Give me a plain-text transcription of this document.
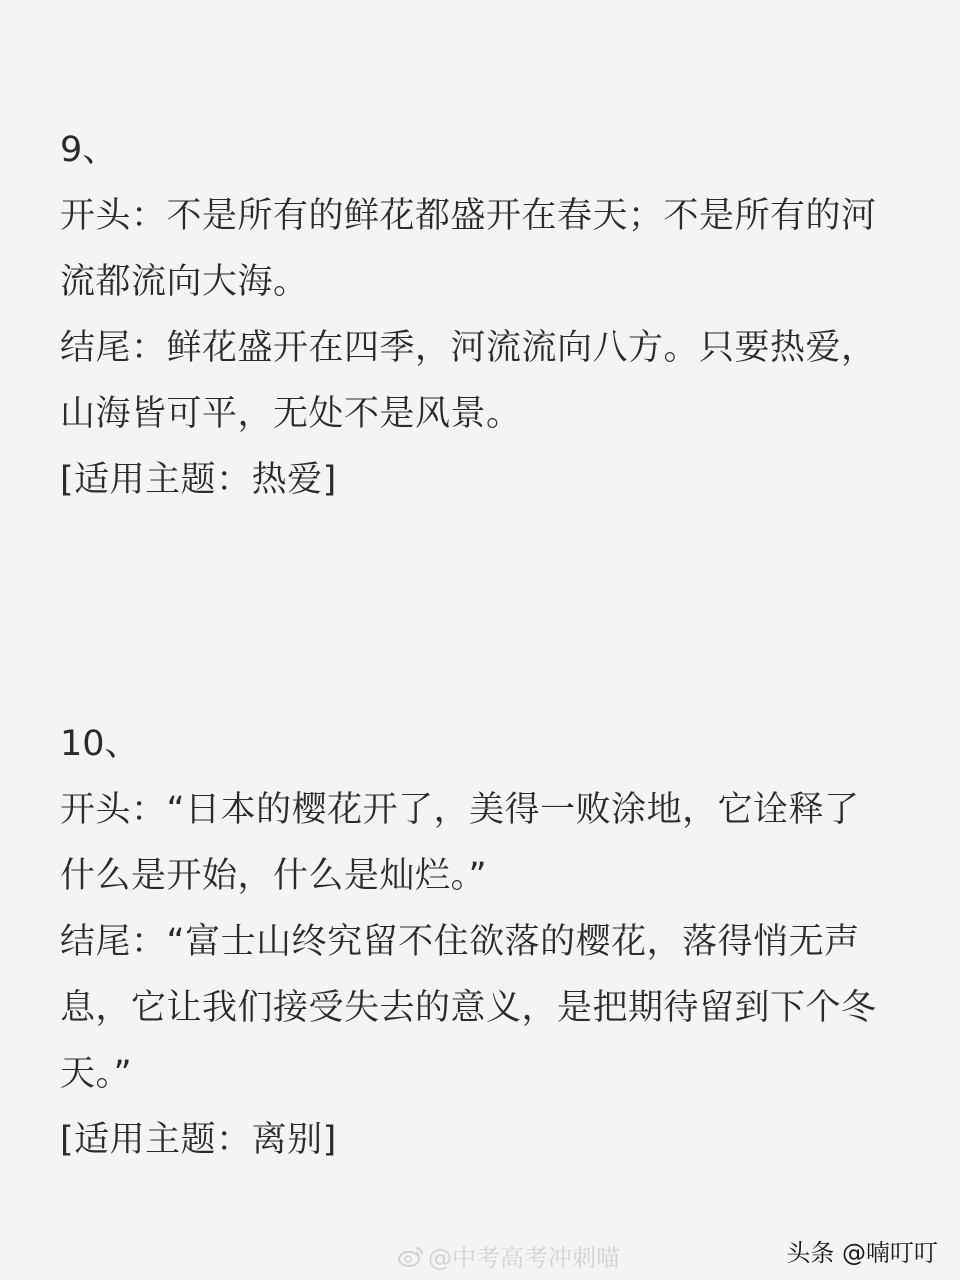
9、
开头：不是所有的鲜花都盛开在春天；不是所有的河
流都流向大海。
结尾：鲜花盛开在四季，河流流向八方。只要热爱，
山海皆可平，无处不是风景。
[适用主题：热爱]
10、
开头：“日本的樱花开了，美得一败涂地，它诠释了
什么是开始，什么是灿烂。”
结尾：“富士山终究留不住欲落的樱花，落得悄无声
息，它让我们接受失去的意义，是把期待留到下个冬
天。”
[适用主题：离别]
@中考高考冲刺喵	头条 @喃叮叮
